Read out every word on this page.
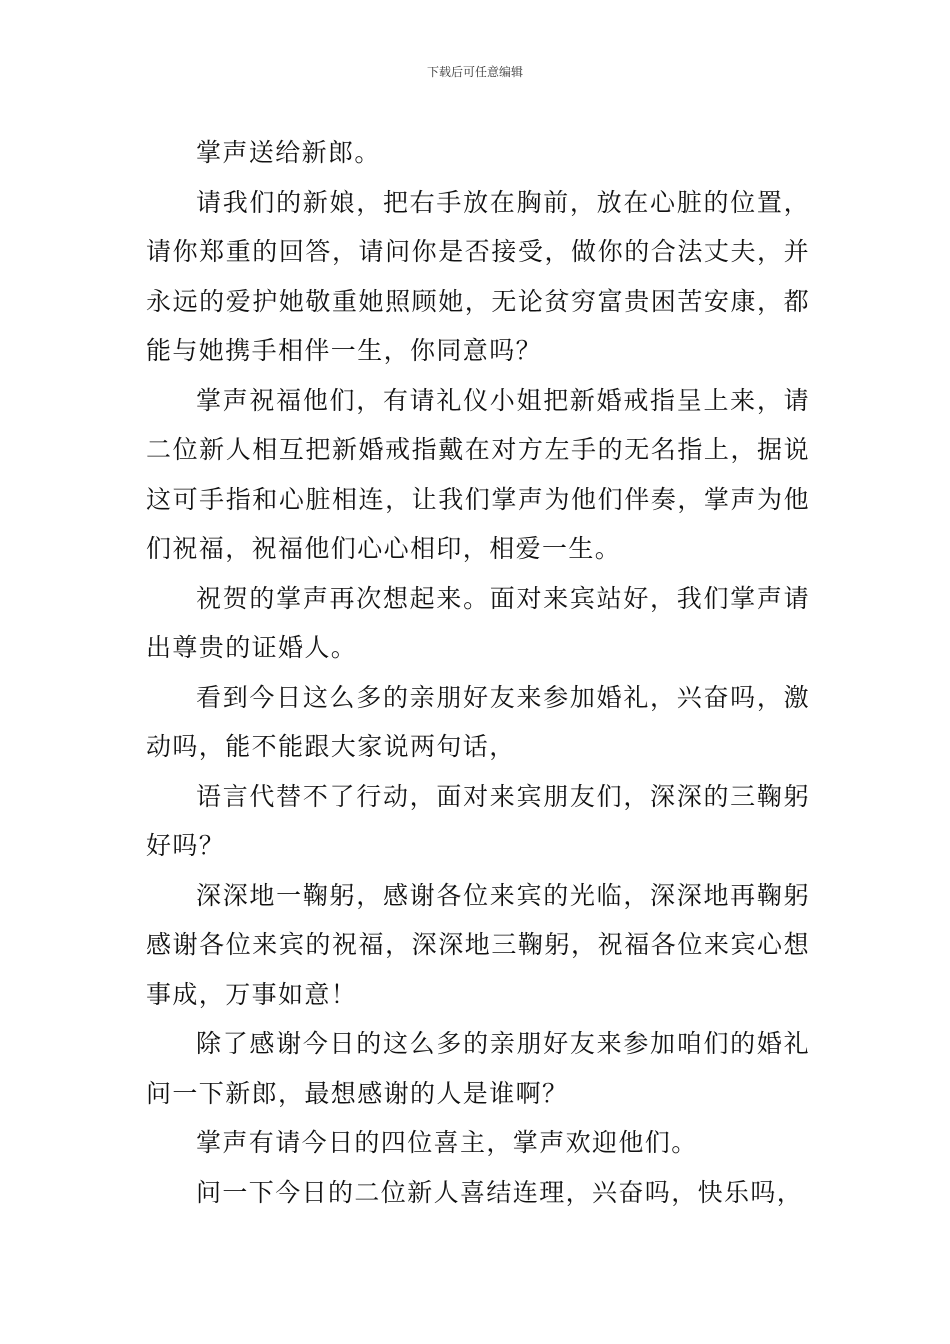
下载后可任意编辑

掌声送给新郎。

请我们的新娘，把右手放在胸前，放在心脏的位置，请你郑重的回答，请问你是否接受，做你的合法丈夫，并永远的爱护她敬重她照顾她，无论贫穷富贵困苦安康，都能与她携手相伴一生，你同意吗？

掌声祝福他们，有请礼仪小姐把新婚戒指呈上来，请二位新人相互把新婚戒指戴在对方左手的无名指上，据说这可手指和心脏相连，让我们掌声为他们伴奏，掌声为他们祝福，祝福他们心心相印，相爱一生。

祝贺的掌声再次想起来。面对来宾站好，我们掌声请出尊贵的证婚人。

看到今日这么多的亲朋好友来参加婚礼，兴奋吗，激动吗，能不能跟大家说两句话，

语言代替不了行动，面对来宾朋友们，深深的三鞠躬好吗？

深深地一鞠躬，感谢各位来宾的光临，深深地再鞠躬感谢各位来宾的祝福，深深地三鞠躬，祝福各位来宾心想事成，万事如意！

除了感谢今日的这么多的亲朋好友来参加咱们的婚礼问一下新郎，最想感谢的人是谁啊？

掌声有请今日的四位喜主，掌声欢迎他们。

问一下今日的二位新人喜结连理，兴奋吗，快乐吗，
